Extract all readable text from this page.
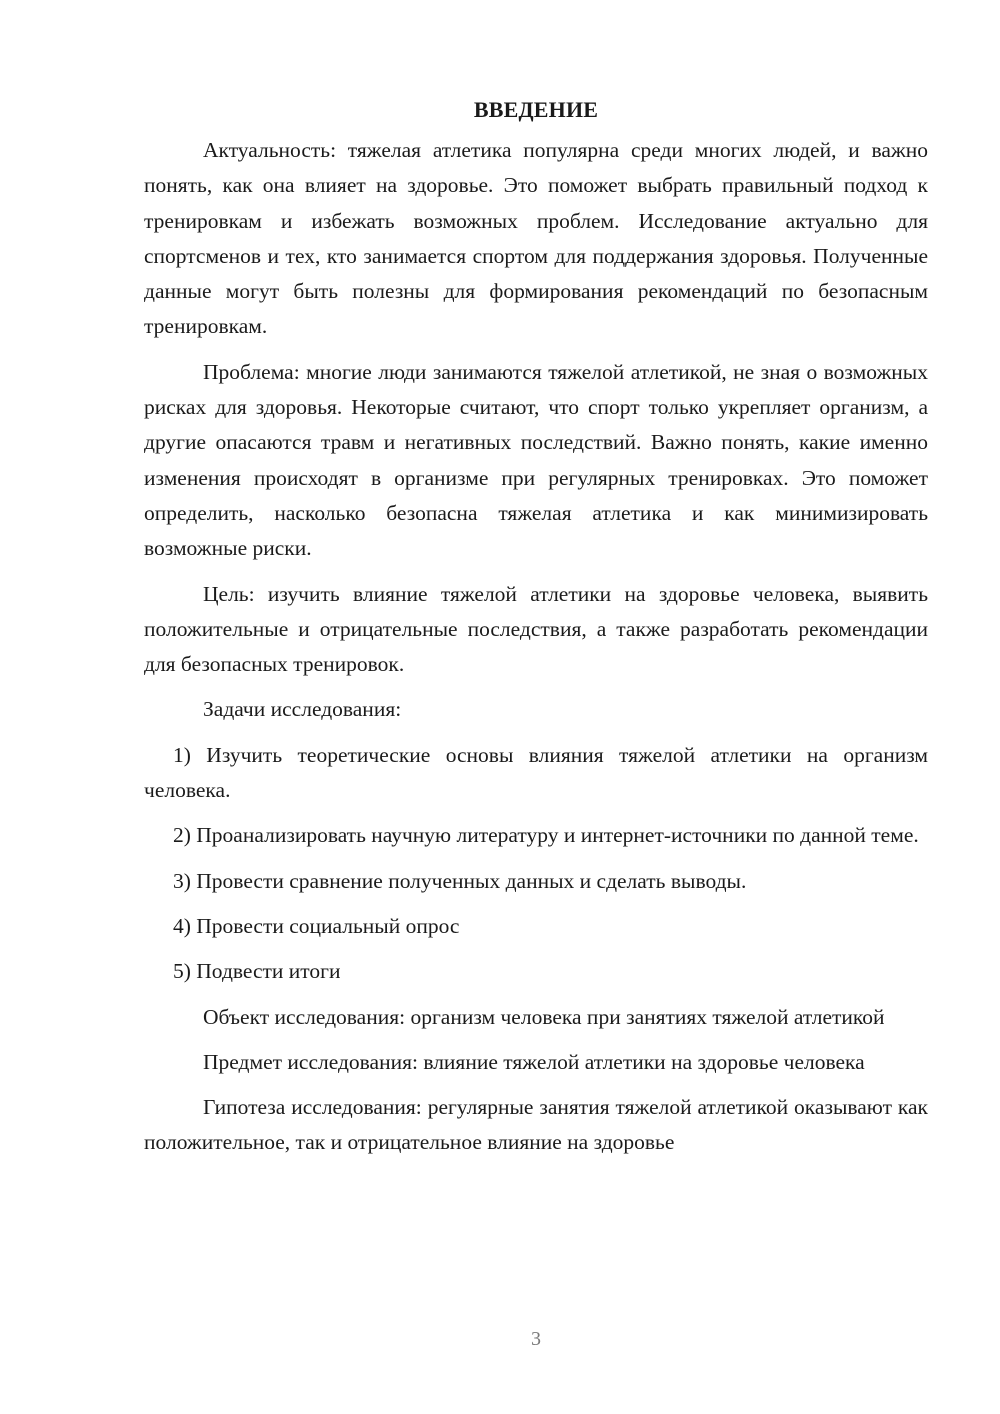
ВВЕДЕНИЕ

Актуальность: тяжелая атлетика популярна среди многих людей, и важно понять, как она влияет на здоровье. Это поможет выбрать правильный подход к тренировкам и избежать возможных проблем. Исследование актуально для спортсменов и тех, кто занимается спортом для поддержания здоровья. Полученные данные могут быть полезны для формирования рекомендаций по безопасным тренировкам.

Проблема: многие люди занимаются тяжелой атлетикой, не зная о возможных рисках для здоровья. Некоторые считают, что спорт только укрепляет организм, а другие опасаются травм и негативных последствий. Важно понять, какие именно изменения происходят в организме при регулярных тренировках. Это поможет определить, насколько безопасна тяжелая атлетика и как минимизировать возможные риски.

Цель: изучить влияние тяжелой атлетики на здоровье человека, выявить положительные и отрицательные последствия, а также разработать рекомендации для безопасных тренировок.

Задачи исследования:

1) Изучить теоретические основы влияния тяжелой атлетики на организм человека.

2) Проанализировать научную литературу и интернет-источники по данной теме.

3) Провести сравнение полученных данных и сделать выводы.

4) Провести социальный опрос

5) Подвести итоги

Объект исследования: организм человека при занятиях тяжелой атлетикой

Предмет исследования: влияние тяжелой атлетики на здоровье человека

Гипотеза исследования: регулярные занятия тяжелой атлетикой оказывают как положительное, так и отрицательное влияние на здоровье

3
